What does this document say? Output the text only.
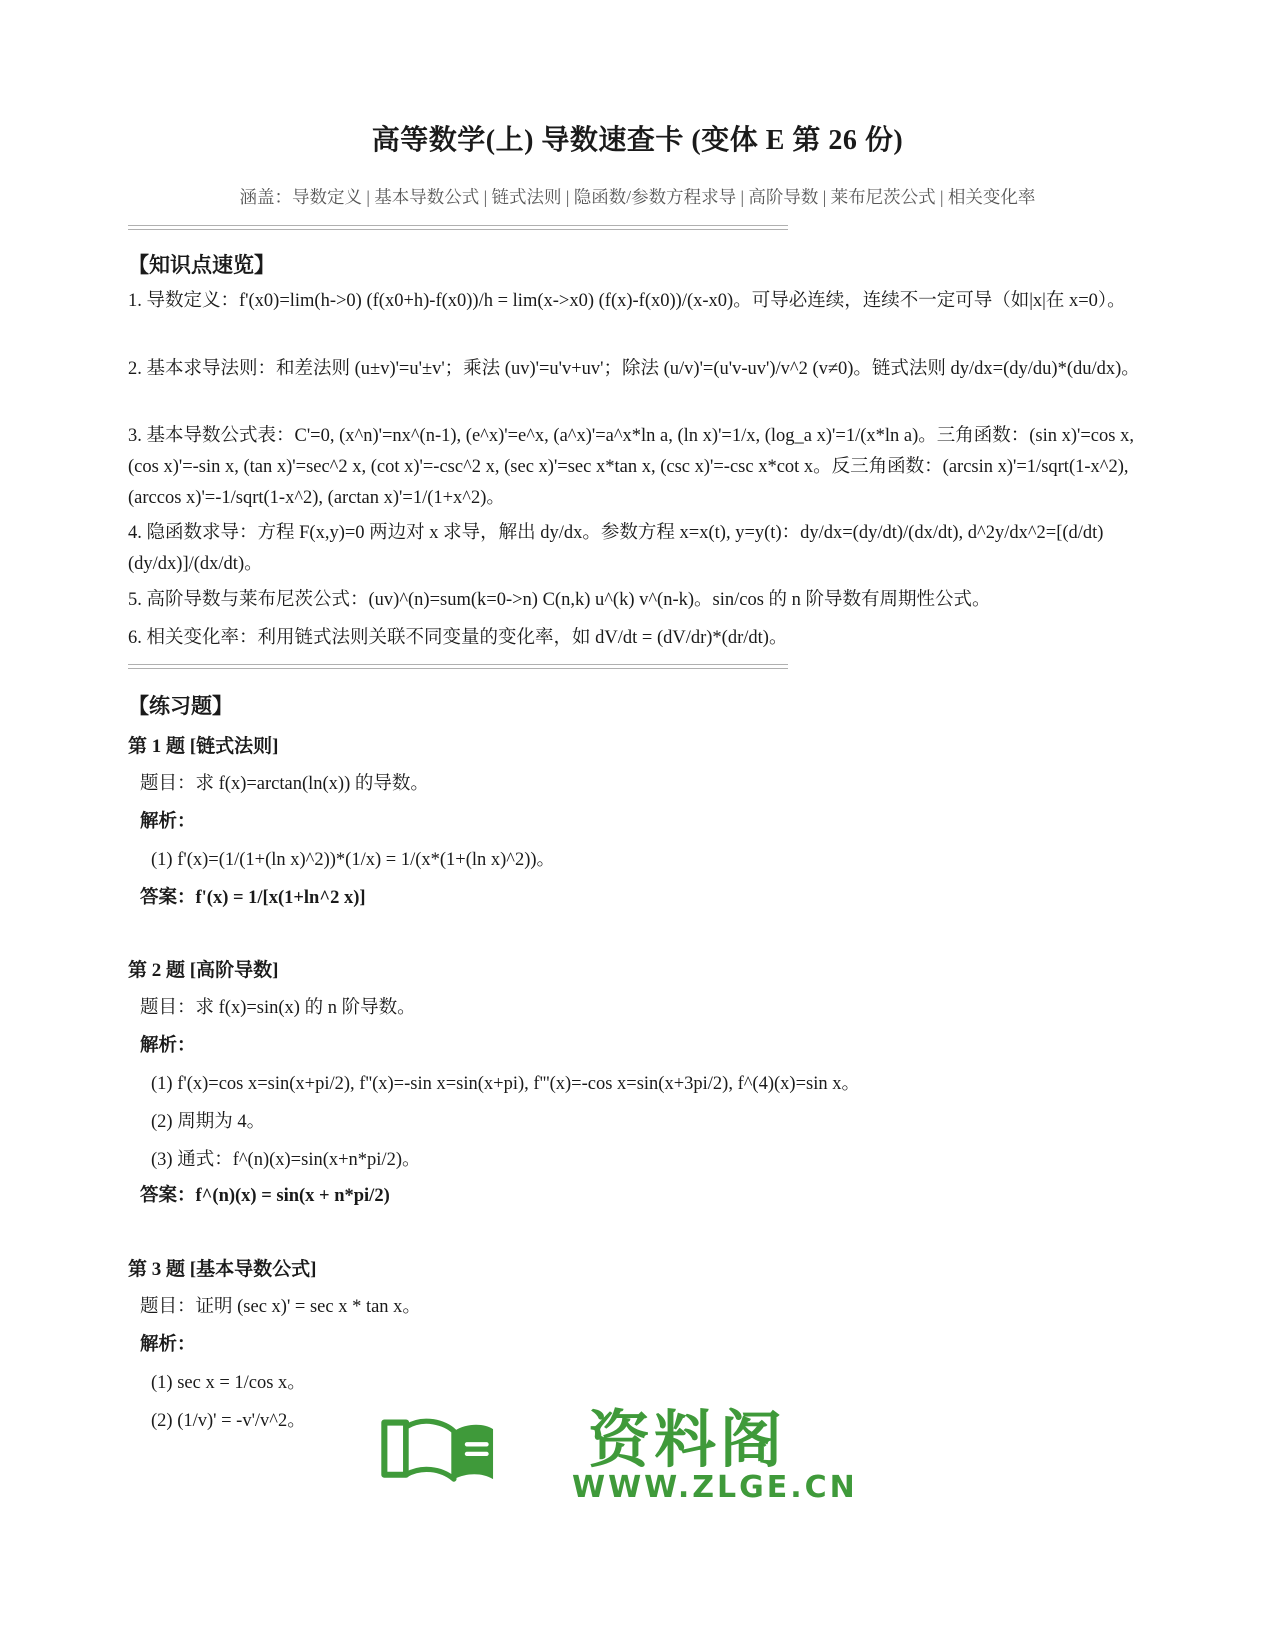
高等数学(上) 导数速查卡 (变体 E 第 26 份)
涵盖：导数定义 | 基本导数公式 | 链式法则 | 隐函数/参数方程求导 | 高阶导数 | 莱布尼茨公式 | 相关变化率
【知识点速览】
1. 导数定义：f'(x0)=lim(h->0) (f(x0+h)-f(x0))/h = lim(x->x0) (f(x)-f(x0))/(x-x0)。可导必连续，连续不一定可导（如|x|在 x=0）。
2. 基本求导法则：和差法则 (u±v)'=u'±v'；乘法 (uv)'=u'v+uv'；除法 (u/v)'=(u'v-uv')/v^2 (v≠0)。链式法则 dy/dx=(dy/du)*(du/dx)。
3. 基本导数公式表：C'=0, (x^n)'=nx^(n-1), (e^x)'=e^x, (a^x)'=a^x*ln a, (ln x)'=1/x, (log_a x)'=1/(x*ln a)。三角函数：(sin x)'=cos x, (cos x)'=-sin x, (tan x)'=sec^2 x, (cot x)'=-csc^2 x, (sec x)'=sec x*tan x, (csc x)'=-csc x*cot x。反三角函数：(arcsin x)'=1/sqrt(1-x^2), (arccos x)'=-1/sqrt(1-x^2), (arctan x)'=1/(1+x^2)。
4. 隐函数求导：方程 F(x,y)=0 两边对 x 求导，解出 dy/dx。参数方程 x=x(t), y=y(t)：dy/dx=(dy/dt)/(dx/dt), d^2y/dx^2=[(d/dt)(dy/dx)]/(dx/dt)。
5. 高阶导数与莱布尼茨公式：(uv)^(n)=sum(k=0->n) C(n,k) u^(k) v^(n-k)。sin/cos 的 n 阶导数有周期性公式。
6. 相关变化率：利用链式法则关联不同变量的变化率，如 dV/dt = (dV/dr)*(dr/dt)。
【练习题】
第 1 题 [链式法则]
题目：求 f(x)=arctan(ln(x)) 的导数。
解析：
(1) f'(x)=(1/(1+(ln x)^2))*(1/x) = 1/(x*(1+(ln x)^2))。
答案：f'(x) = 1/[x(1+ln^2 x)]
第 2 题 [高阶导数]
题目：求 f(x)=sin(x) 的 n 阶导数。
解析：
(1) f'(x)=cos x=sin(x+pi/2), f''(x)=-sin x=sin(x+pi), f'''(x)=-cos x=sin(x+3pi/2), f^(4)(x)=sin x。
(2) 周期为 4。
(3) 通式：f^(n)(x)=sin(x+n*pi/2)。
答案：f^(n)(x) = sin(x + n*pi/2)
第 3 题 [基本导数公式]
题目：证明 (sec x)' = sec x * tan x。
解析：
(1) sec x = 1/cos x。
(2) (1/v)' = -v'/v^2。	资料阁
WWW.ZLGE.CN
